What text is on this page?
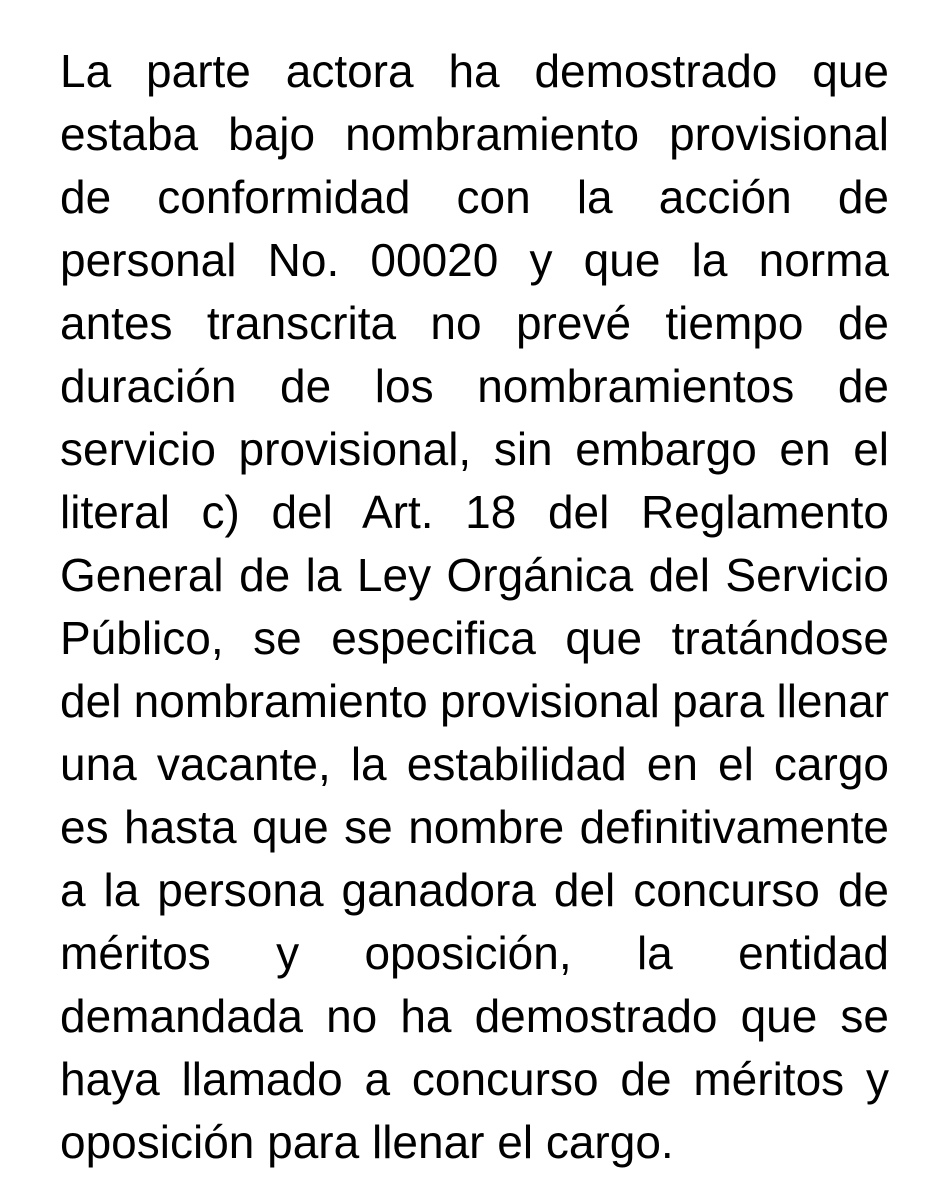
La parte actora ha demostrado que
estaba bajo nombramiento provisional
de conformidad con la acción de
personal No. 00020 y que la norma
antes transcrita no prevé tiempo de
duración de los nombramientos de
servicio provisional, sin embargo en el
literal c) del Art. 18 del Reglamento
General de la Ley Orgánica del Servicio
Público, se especifica que tratándose
del nombramiento provisional para llenar
una vacante, la estabilidad en el cargo
es hasta que se nombre definitivamente
a la persona ganadora del concurso de
méritos y oposición, la entidad
demandada no ha demostrado que se
haya llamado a concurso de méritos y
oposición para llenar el cargo.
